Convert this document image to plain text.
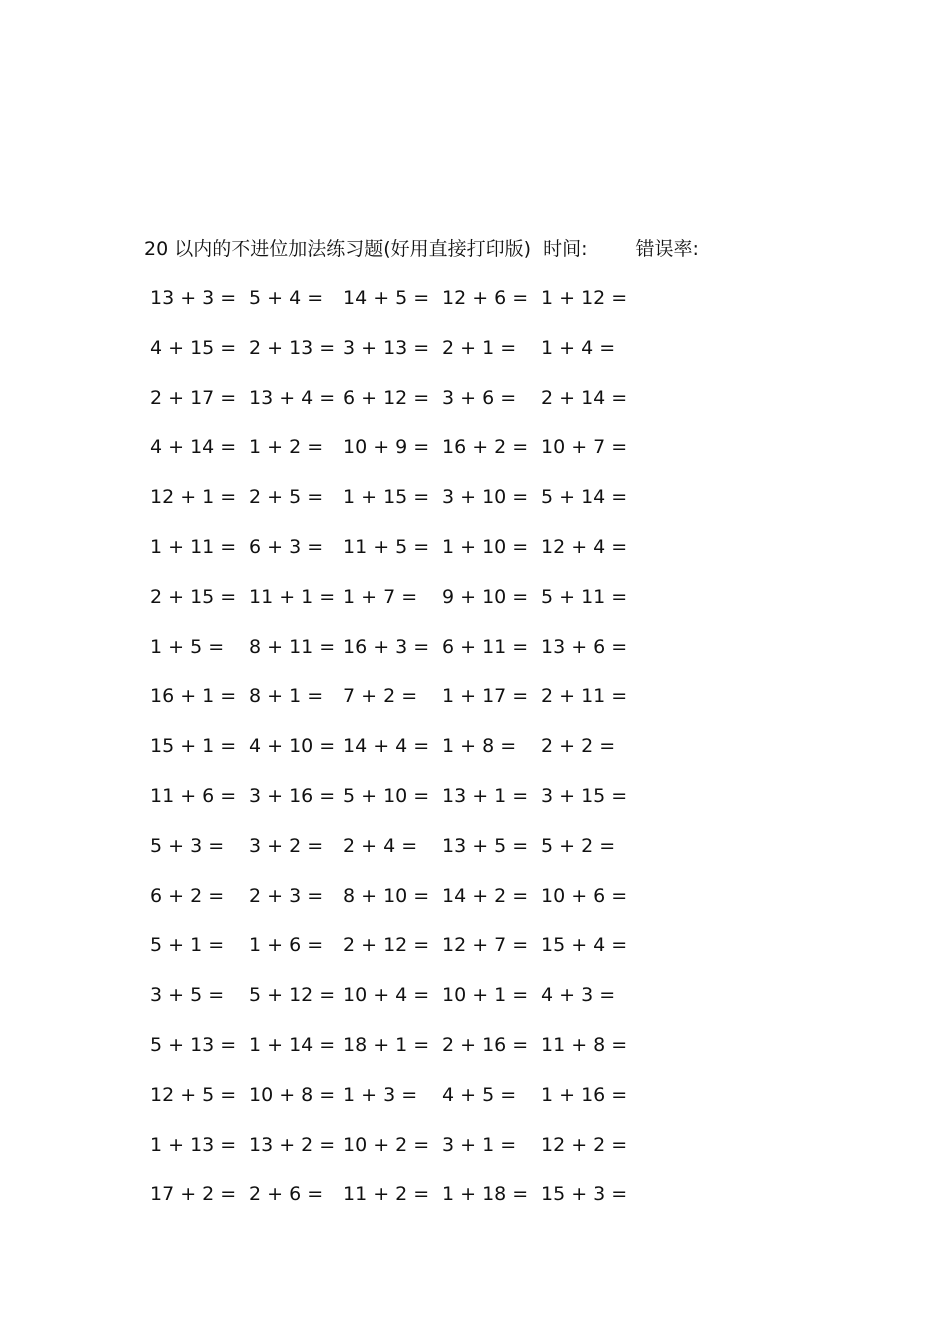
20 以内的不进位加法练习题(好用直接打印版) 时间:	错误率:
13 + 3 = 5 + 4 = 14 + 5 = 12 + 6 = 1 + 12 =
4 + 15 = 2 + 13 = 3 + 13 = 2 + 1 = 1 + 4 =
2 + 17 = 13 + 4 = 6 + 12 = 3 + 6 = 2 + 14 =
4 + 14 = 1 + 2 = 10 + 9 = 16 + 2 = 10 + 7 =
12 + 1 = 2 + 5 = 1 + 15 = 3 + 10 = 5 + 14 =
1 + 11 = 6 + 3 = 11 + 5 = 1 + 10 = 12 + 4 =
2 + 15 = 11 + 1 = 1 + 7 = 9 + 10 = 5 + 11 =
1 + 5 = 8 + 11 = 16 + 3 = 6 + 11 = 13 + 6 =
16 + 1 = 8 + 1 = 7 + 2 = 1 + 17 = 2 + 11 =
15 + 1 = 4 + 10 = 14 + 4 = 1 + 8 = 2 + 2 =
11 + 6 = 3 + 16 = 5 + 10 = 13 + 1 = 3 + 15 =
5 + 3 = 3 + 2 = 2 + 4 = 13 + 5 = 5 + 2 =
6 + 2 = 2 + 3 = 8 + 10 = 14 + 2 = 10 + 6 =
5 + 1 = 1 + 6 = 2 + 12 = 12 + 7 = 15 + 4 =
3 + 5 = 5 + 12 = 10 + 4 = 10 + 1 = 4 + 3 =
5 + 13 = 1 + 14 = 18 + 1 = 2 + 16 = 11 + 8 =
12 + 5 = 10 + 8 = 1 + 3 = 4 + 5 = 1 + 16 =
1 + 13 = 13 + 2 = 10 + 2 = 3 + 1 = 12 + 2 =
17 + 2 = 2 + 6 = 11 + 2 = 1 + 18 = 15 + 3 =
